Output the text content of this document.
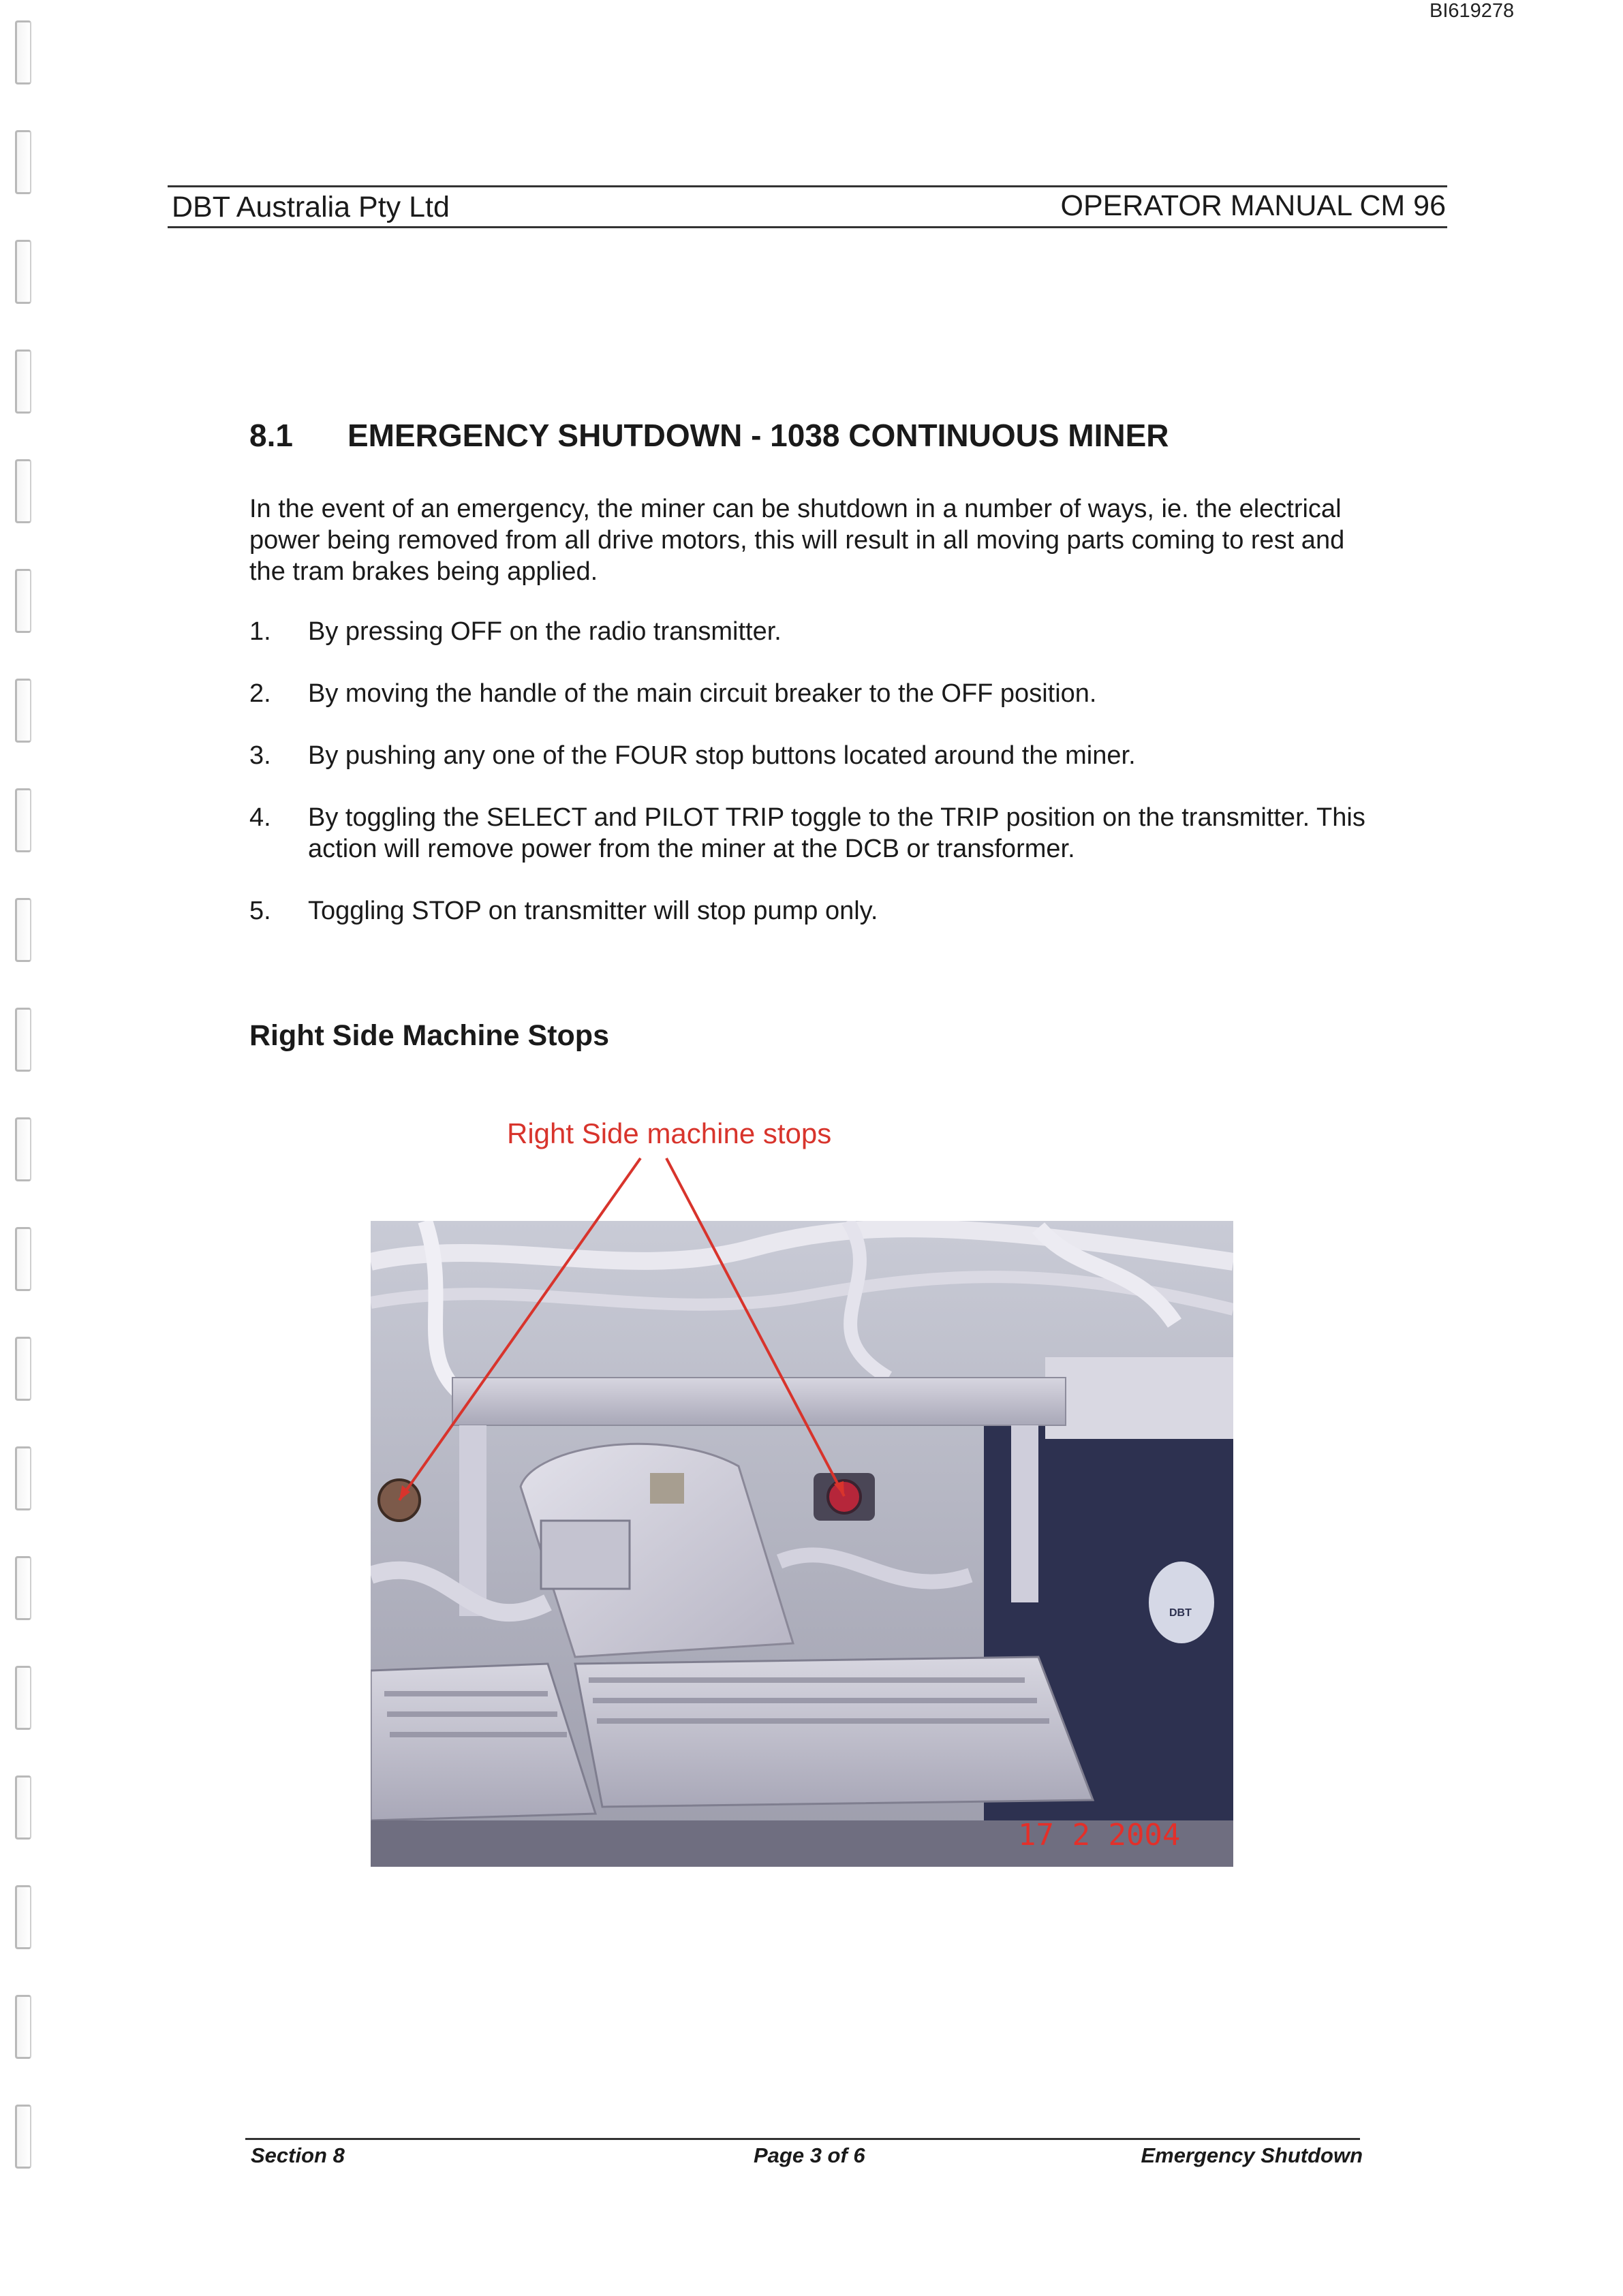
BI619278
DBT Australia Pty Ltd	OPERATOR MANUAL CM 96
8.1 EMERGENCY SHUTDOWN - 1038 CONTINUOUS MINER

In the event of an emergency, the miner can be shutdown in a number of ways, ie. the electrical power being removed from all drive motors, this will result in all moving parts coming to rest and the tram brakes being applied.

1.	By pressing OFF on the radio transmitter.
2.	By moving the handle of the main circuit breaker to the OFF position.
3.	By pushing any one of the FOUR stop buttons located around the miner.
4.	By toggling the SELECT and PILOT TRIP toggle to the TRIP position on the transmitter. This action will remove power from the miner at the DCB or transformer.
5.	Toggling STOP on transmitter will stop pump only.
Right Side Machine Stops
Right Side machine stops
DBT
17 2 2004
Section 8	Page 3 of 6	Emergency Shutdown
